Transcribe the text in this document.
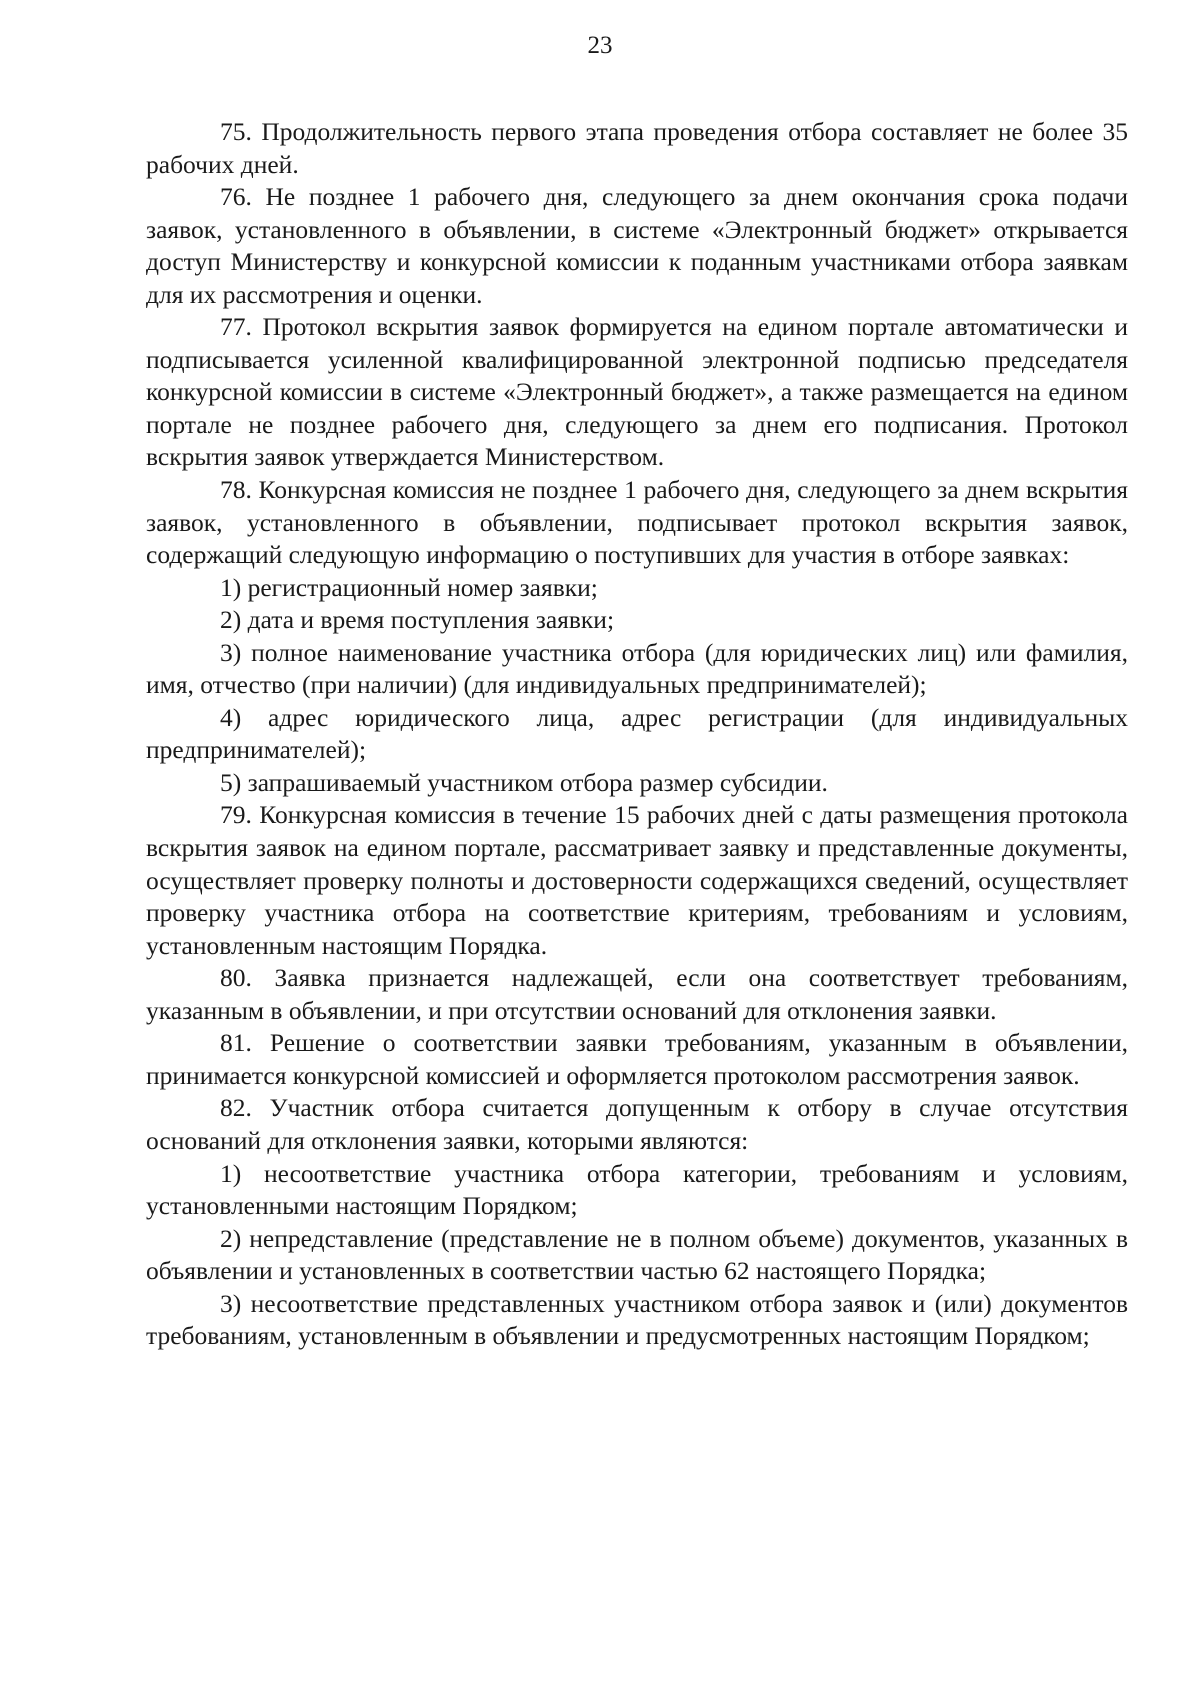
23

75. Продолжительность первого этапа проведения отбора составляет не более 35 рабочих дней.

76. Не позднее 1 рабочего дня, следующего за днем окончания срока подачи заявок, установленного в объявлении, в системе «Электронный бюджет» открывается доступ Министерству и конкурсной комиссии к поданным участниками отбора заявкам для их рассмотрения и оценки.

77. Протокол вскрытия заявок формируется на едином портале автоматически и подписывается усиленной квалифицированной электронной подписью председателя конкурсной комиссии в системе «Электронный бюджет», а также размещается на едином портале не позднее рабочего дня, следующего за днем его подписания. Протокол вскрытия заявок утверждается Министерством.

78. Конкурсная комиссия не позднее 1 рабочего дня, следующего за днем вскрытия заявок, установленного в объявлении, подписывает протокол вскрытия заявок, содержащий следующую информацию о поступивших для участия в отборе заявках:

1) регистрационный номер заявки;

2) дата и время поступления заявки;

3) полное наименование участника отбора (для юридических лиц) или фамилия, имя, отчество (при наличии) (для индивидуальных предпринимателей);

4) адрес юридического лица, адрес регистрации (для индивидуальных предпринимателей);

5) запрашиваемый участником отбора размер субсидии.

79. Конкурсная комиссия в течение 15 рабочих дней с даты размещения протокола вскрытия заявок на едином портале, рассматривает заявку и представленные документы, осуществляет проверку полноты и достоверности содержащихся сведений, осуществляет проверку участника отбора на соответствие критериям, требованиям и условиям, установленным настоящим Порядка.

80. Заявка признается надлежащей, если она соответствует требованиям, указанным в объявлении, и при отсутствии оснований для отклонения заявки.

81. Решение о соответствии заявки требованиям, указанным в объявлении, принимается конкурсной комиссией и оформляется протоколом рассмотрения заявок.

82. Участник отбора считается допущенным к отбору в случае отсутствия оснований для отклонения заявки, которыми являются:

1) несоответствие участника отбора категории, требованиям и условиям, установленными настоящим Порядком;

2) непредставление (представление не в полном объеме) документов, указанных в объявлении и установленных в соответствии частью 62 настоящего Порядка;

3) несоответствие представленных участником отбора заявок и (или) документов требованиям, установленным в объявлении и предусмотренных настоящим Порядком;
